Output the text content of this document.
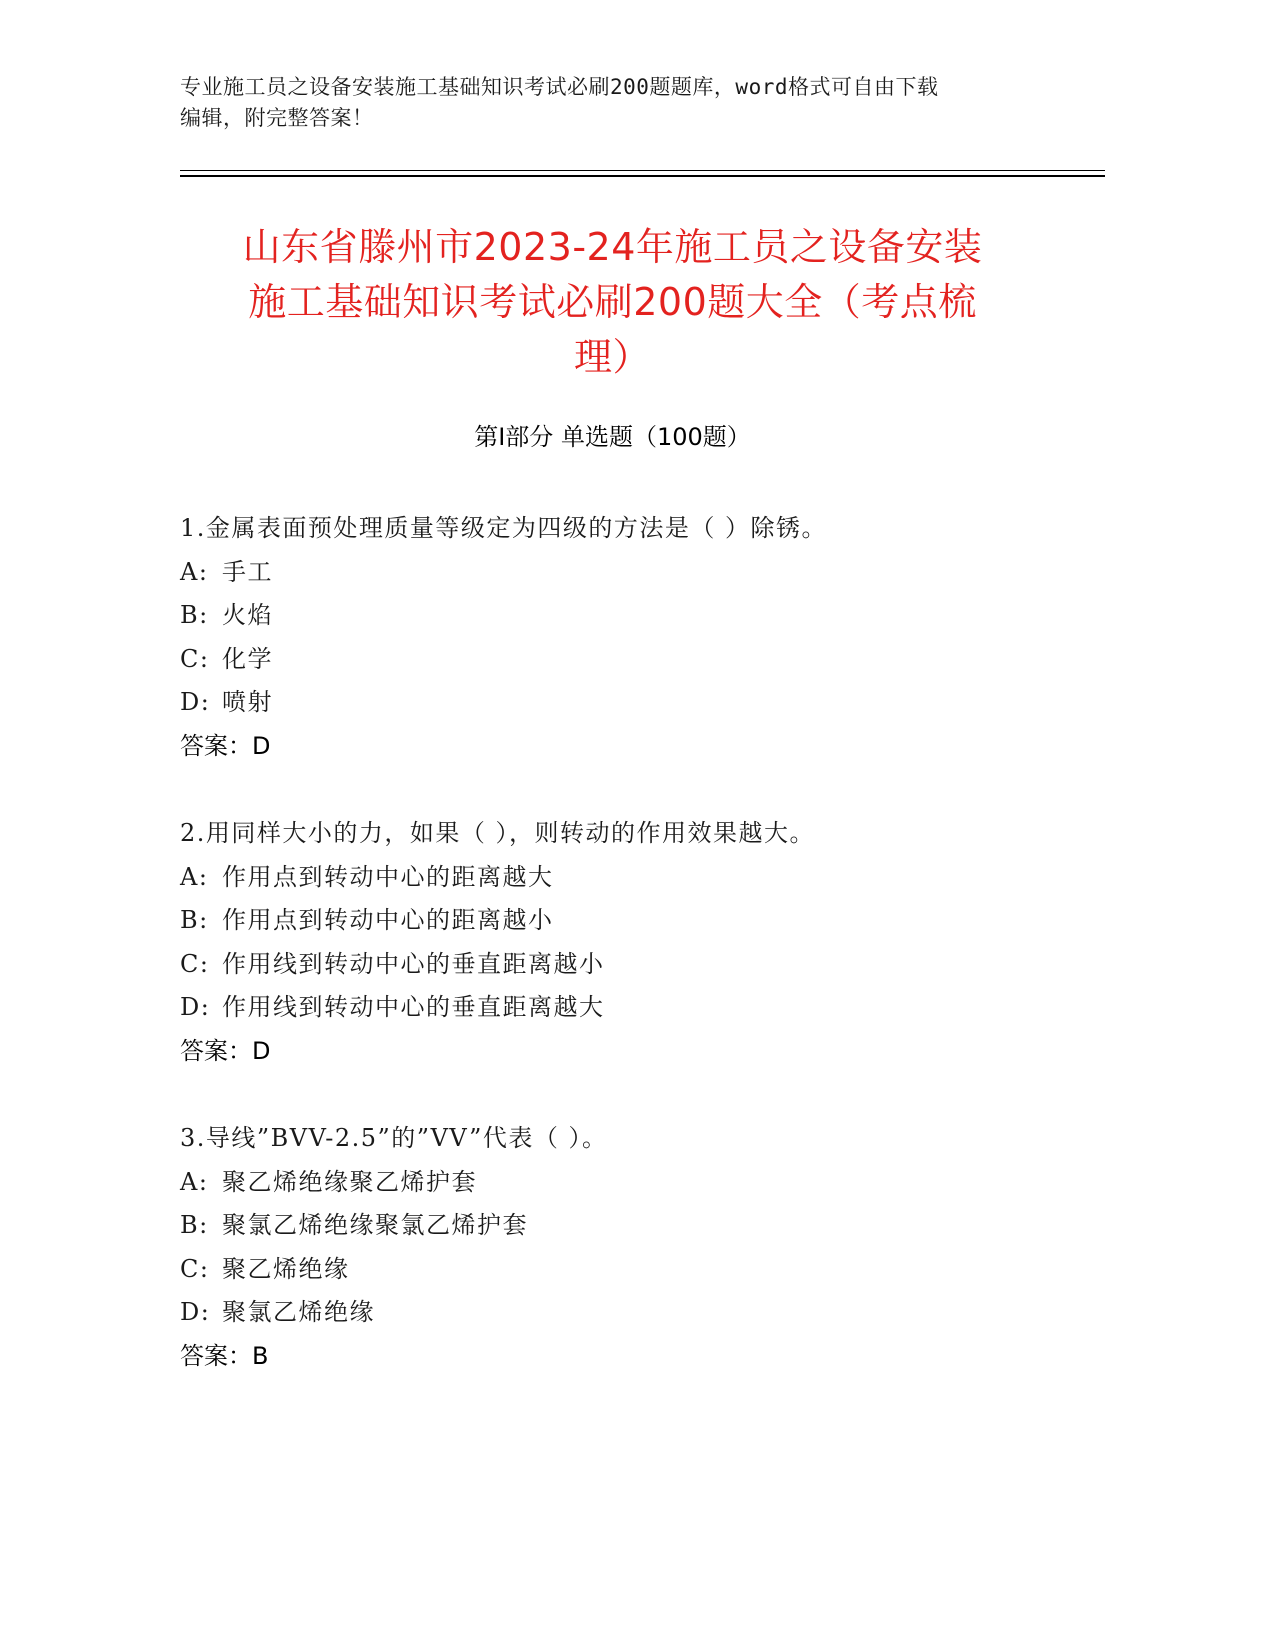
专业施工员之设备安装施工基础知识考试必刷200题题库，word格式可自由下载
编辑，附完整答案！
山东省滕州市2023-24年施工员之设备安装
施工基础知识考试必刷200题大全（考点梳
理）
第Ⅰ部分 单选题（100题）
1.金属表面预处理质量等级定为四级的方法是（ ）除锈。
A: 手工
B: 火焰
C: 化学
D: 喷射
答案：D
2.用同样大小的力，如果（ ），则转动的作用效果越大。
A: 作用点到转动中心的距离越大
B: 作用点到转动中心的距离越小
C: 作用线到转动中心的垂直距离越小
D: 作用线到转动中心的垂直距离越大
答案：D
3.导线”BVV-2.5”的”VV”代表（ ）。
A: 聚乙烯绝缘聚乙烯护套
B: 聚氯乙烯绝缘聚氯乙烯护套
C: 聚乙烯绝缘
D: 聚氯乙烯绝缘
答案：B
